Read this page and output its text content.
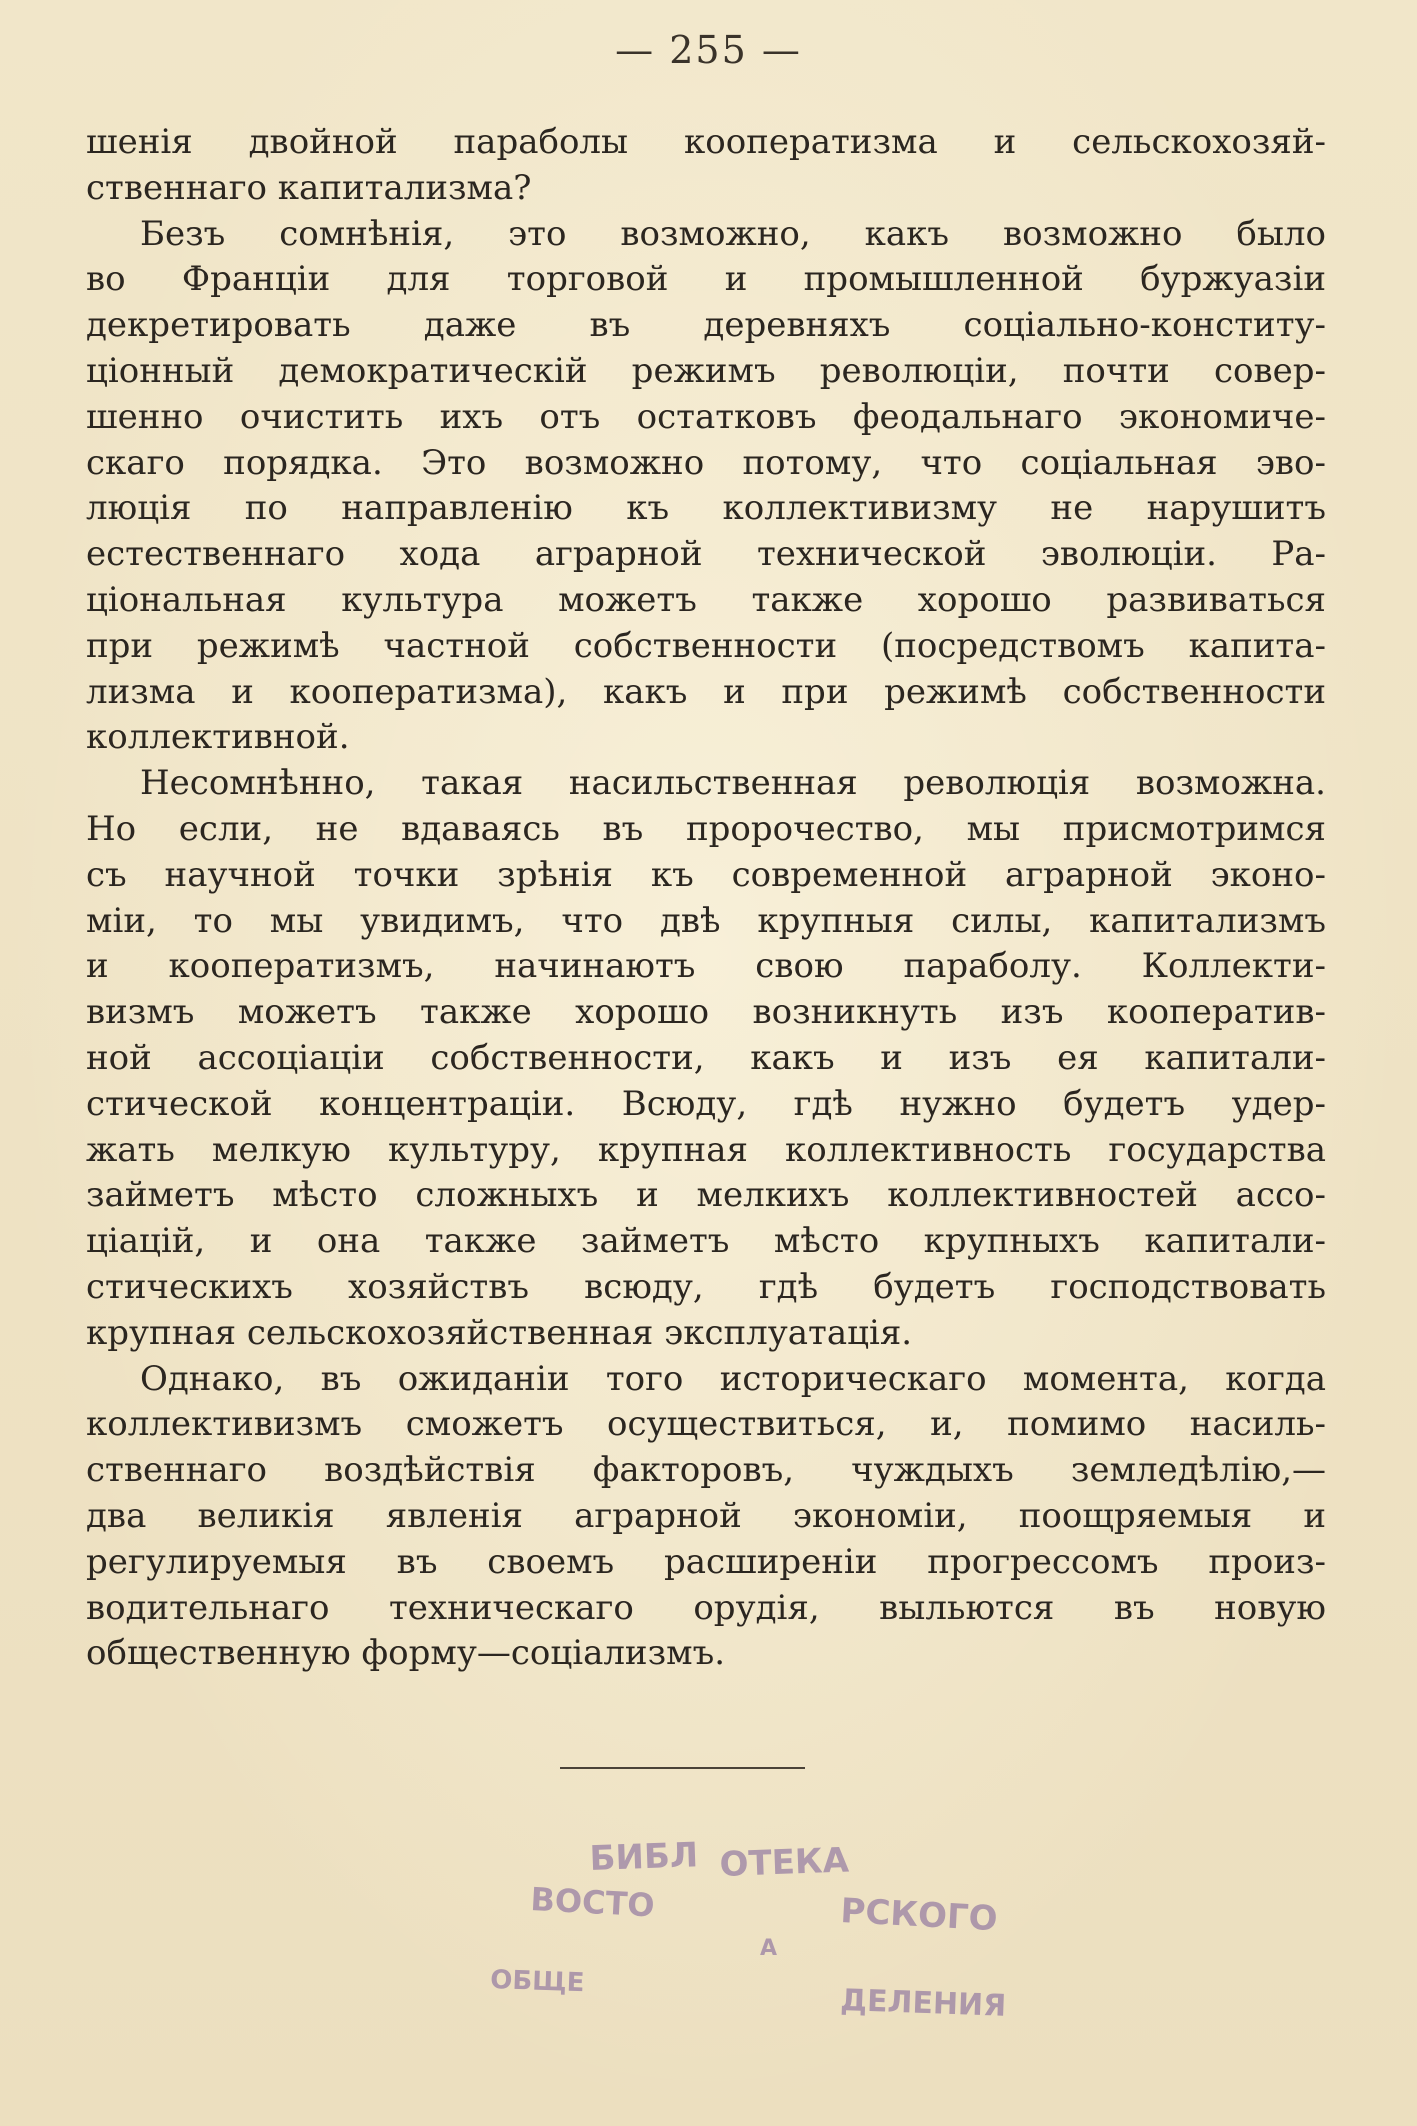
— 255 —
шенія двойной параболы кооператизма и сельскохозяй-
ственнаго капитализма?
Безъ сомнѣнія, это возможно, какъ возможно было
во Франціи для торговой и промышленной буржуазіи
декретировать даже въ деревняхъ соціально-конститу-
ціонный демократическій режимъ революціи, почти совер-
шенно очистить ихъ отъ остатковъ феодальнаго экономиче-
скаго порядка. Это возможно потому, что соціальная эво-
люція по направленію къ коллективизму не нарушитъ
естественнаго хода аграрной технической эволюціи. Ра-
ціональная культура можетъ также хорошо развиваться
при режимѣ частной собственности (посредствомъ капита-
лизма и кооператизма), какъ и при режимѣ собственности
коллективной.
Несомнѣнно, такая насильственная революція возможна.
Но если, не вдаваясь въ пророчество, мы присмотримся
съ научной точки зрѣнія къ современной аграрной эконо-
міи, то мы увидимъ, что двѣ крупныя силы, капитализмъ
и кооператизмъ, начинаютъ свою параболу. Коллекти-
визмъ можетъ также хорошо возникнуть изъ кооператив-
ной ассоціаціи собственности, какъ и изъ ея капитали-
стической концентраціи. Всюду, гдѣ нужно будетъ удер-
жать мелкую культуру, крупная коллективность государства
займетъ мѣсто сложныхъ и мелкихъ коллективностей ассо-
ціацій, и она также займетъ мѣсто крупныхъ капитали-
стическихъ хозяйствъ всюду, гдѣ будетъ господствовать
крупная сельскохозяйственная эксплуатація.
Однако, въ ожиданіи того историческаго момента, когда
коллективизмъ сможетъ осуществиться, и, помимо насиль-
ственнаго воздѣйствія факторовъ, чуждыхъ земледѣлію,—
два великія явленія аграрной экономіи, поощряемыя и
регулируемыя въ своемъ расширеніи прогрессомъ произ-
водительнаго техническаго орудія, выльются въ новую
общественную форму—соціализмъ.
БИБЛ ОТЕКА
ВОСТО	РСКОГО
ОБЩЕ
ДЕЛЕНИЯ
А
